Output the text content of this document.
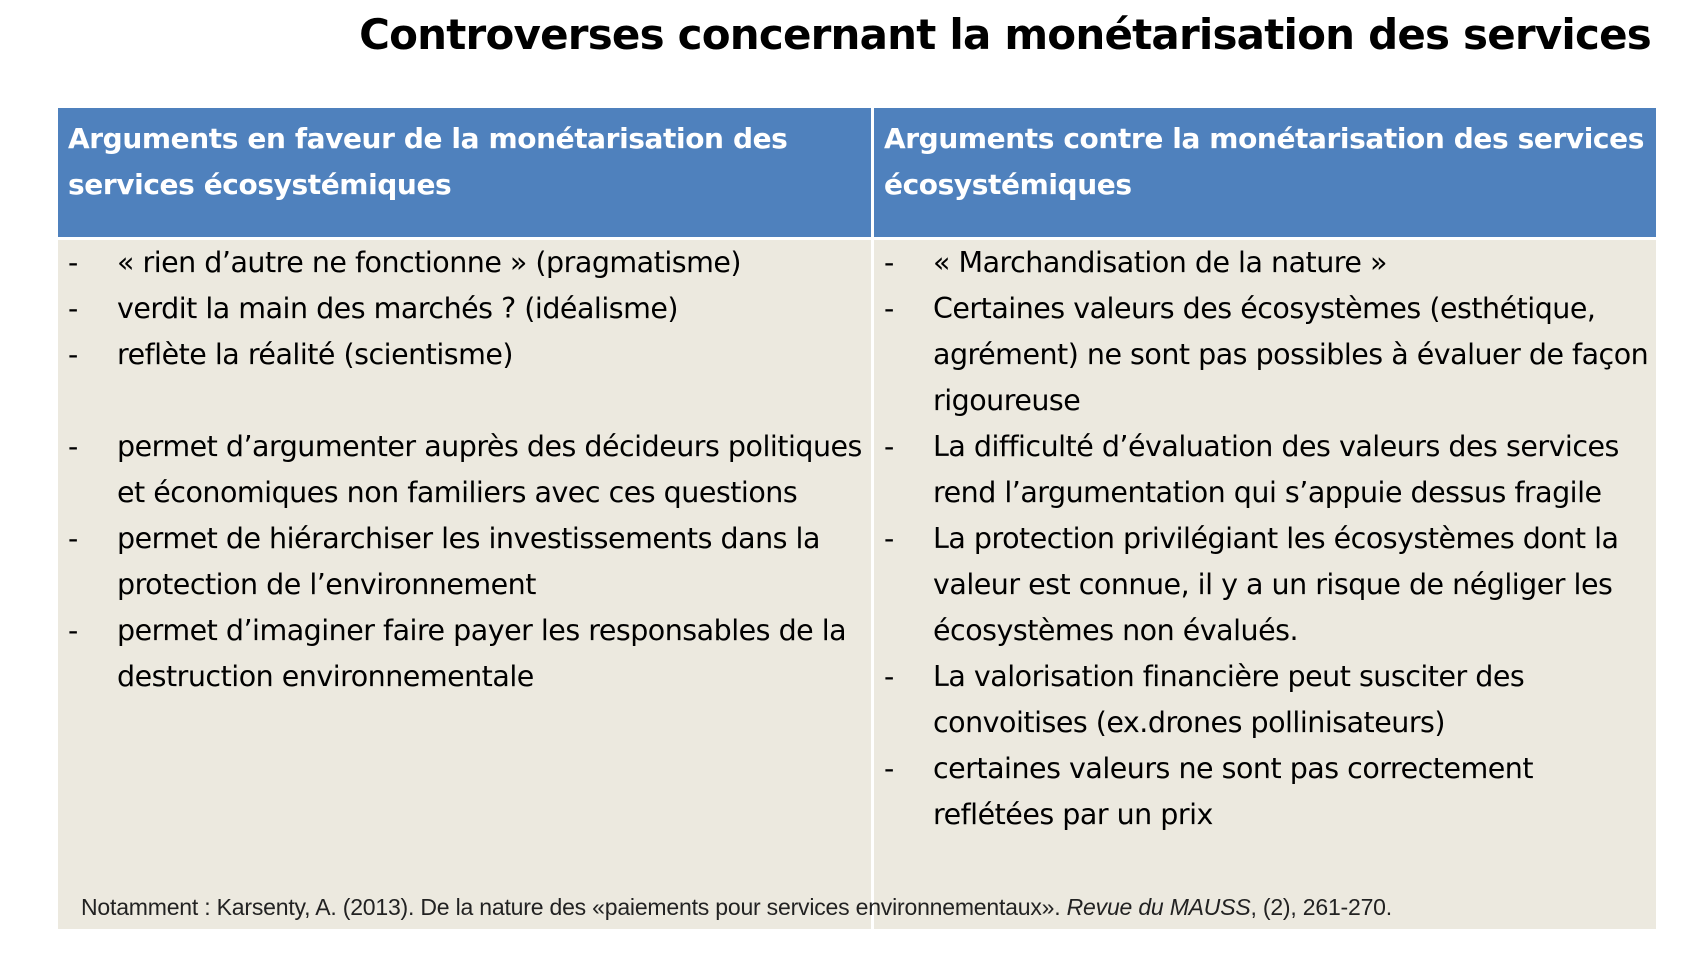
Controverses concernant la monétarisation des services
Arguments en faveur de la monétarisation des services écosystémiques
Arguments contre la monétarisation des services écosystémiques
- « rien d’autre ne fonctionne » (pragmatisme)
- verdit la main des marchés ? (idéalisme)
- reflète la réalité (scientisme)
- permet d’argumenter auprès des décideurs politiques et économiques non familiers avec ces questions
- permet de hiérarchiser les investissements dans la protection de l’environnement
- permet d’imaginer faire payer les responsables de la destruction environnementale
- « Marchandisation de la nature »
- Certaines valeurs des écosystèmes (esthétique, agrément) ne sont pas possibles à évaluer de façon rigoureuse
- La difficulté d’évaluation des valeurs des services rend l’argumentation qui s’appuie dessus fragile
- La protection privilégiant les écosystèmes dont la valeur est connue, il y a un risque de négliger les écosystèmes non évalués.
- La valorisation financière peut susciter des convoitises (ex.drones pollinisateurs)
- certaines valeurs ne sont pas correctement reflétées par un prix
Notamment : Karsenty, A. (2013). De la nature des «paiements pour services environnementaux». Revue du MAUSS, (2), 261-270.
